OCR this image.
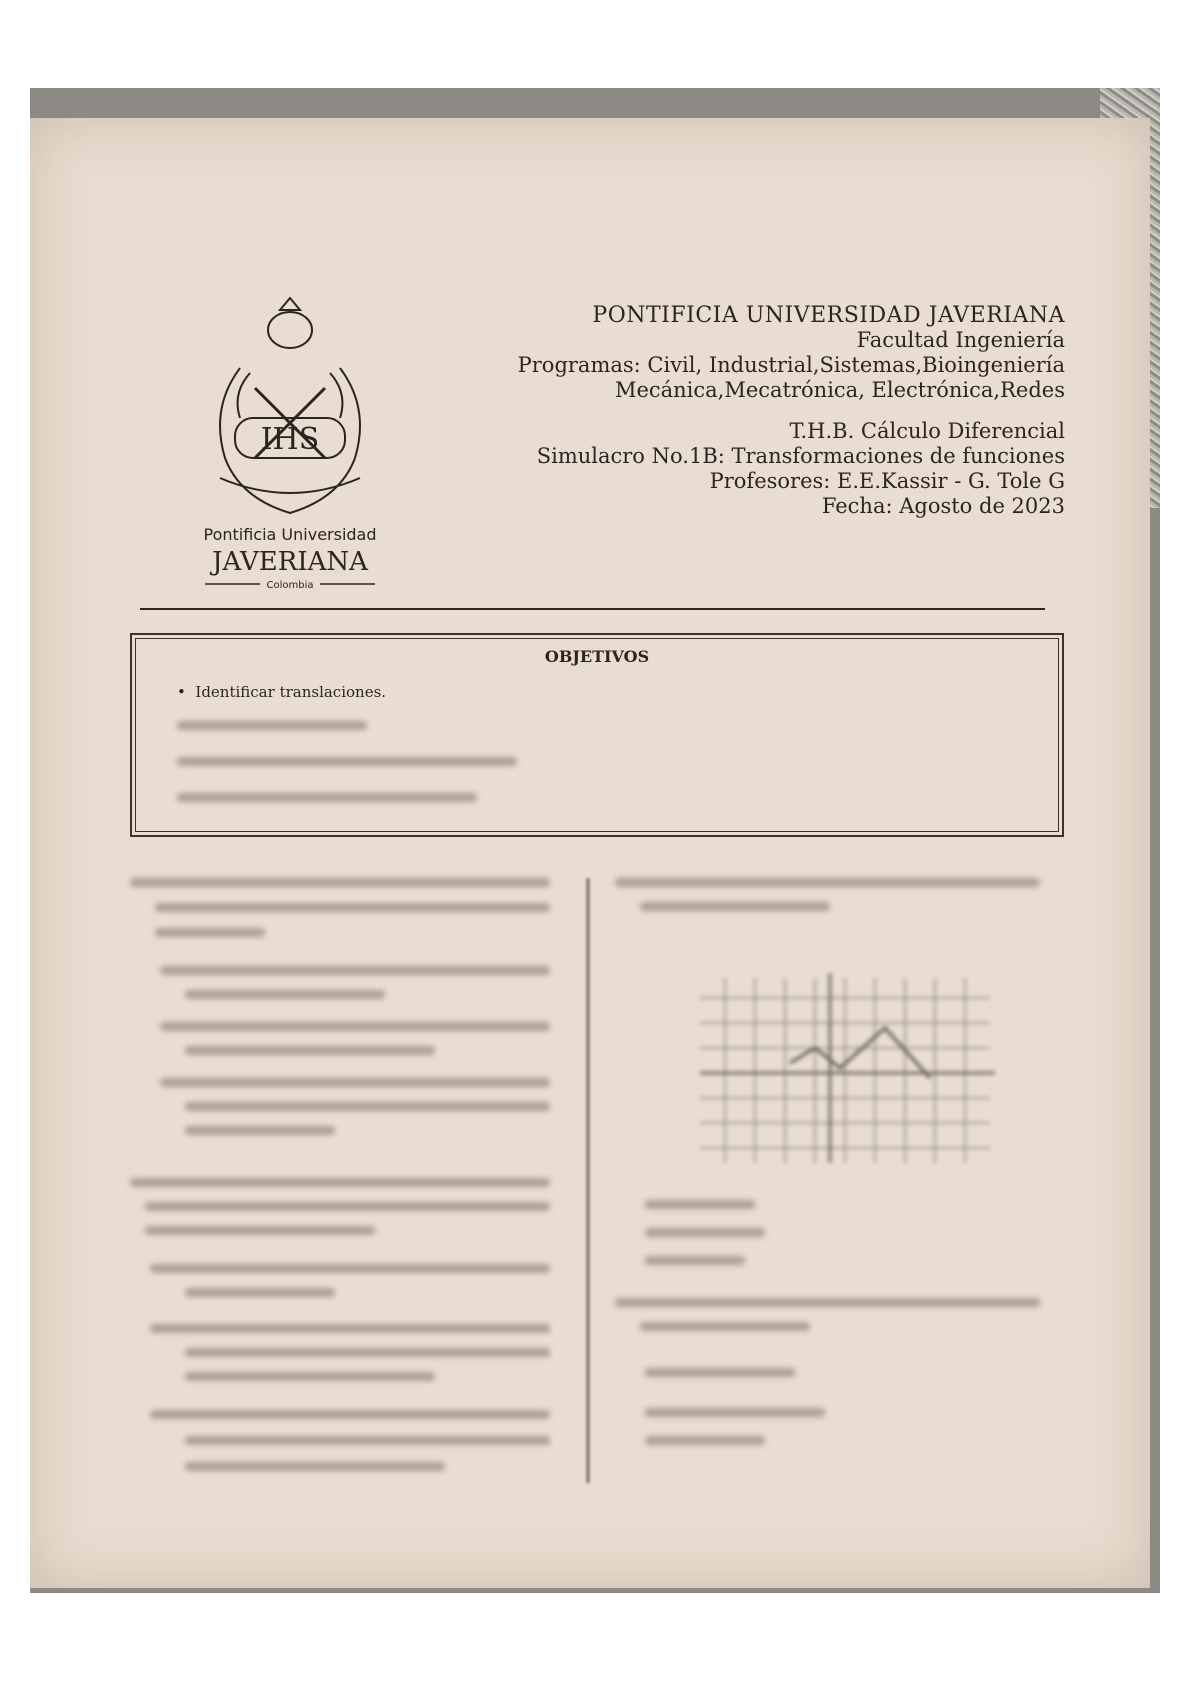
IHS
Pontificia Universidad
JAVERIANA
Colombia
PONTIFICIA UNIVERSIDAD JAVERIANA
Facultad Ingeniería
Programas: Civil, Industrial,Sistemas,Bioingeniería
Mecánica,Mecatrónica, Electrónica,Redes
T.H.B. Cálculo Diferencial
Simulacro No.1B: Transformaciones de funciones
Profesores: E.E.Kassir - G. Tole G
Fecha: Agosto de 2023
OBJETIVOS
•  Identificar translaciones.
